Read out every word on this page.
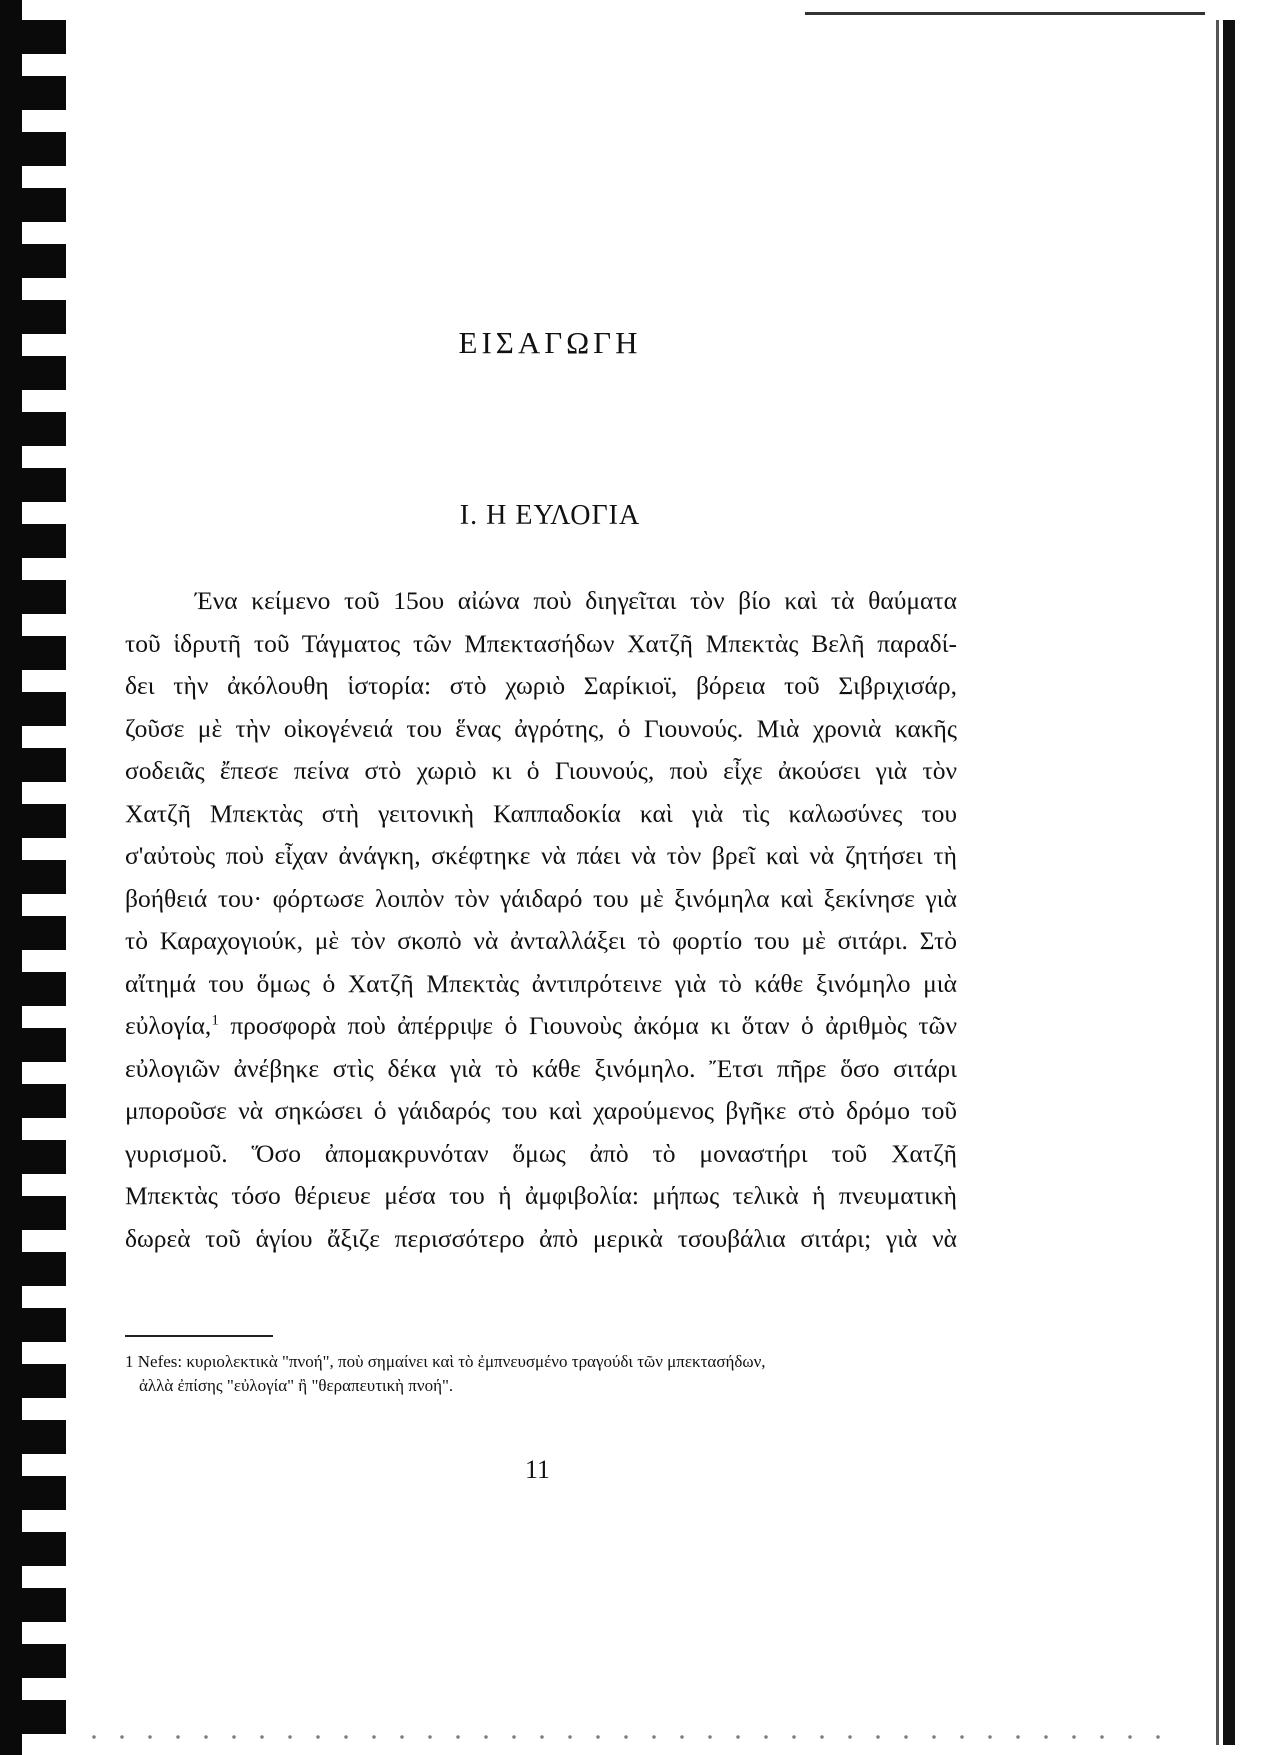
ΕΙΣΑΓΩΓΗ
Ι. Η ΕΥΛΟΓΙΑ
Ένα κείμενο τοῦ 15ου αἰώνα ποὺ διηγεῖται τὸν βίο καὶ τὰ θαύματα
τοῦ ἱδρυτῆ τοῦ Τάγματος τῶν Μπεκτασήδων Χατζῆ Μπεκτὰς Βελῆ παραδί-
δει τὴν ἀκόλουθη ἱστορία: στὸ χωριὸ Σαρίκιοϊ, βόρεια τοῦ Σιβριχισάρ,
ζοῦσε μὲ τὴν οἰκογένειά του ἕνας ἀγρότης, ὁ Γιουνούς. Μιὰ χρονιὰ κακῆς
σοδειᾶς ἔπεσε πείνα στὸ χωριὸ κι ὁ Γιουνούς, ποὺ εἶχε ἀκούσει γιὰ τὸν
Χατζῆ Μπεκτὰς στὴ γειτονικὴ Καππαδοκία καὶ γιὰ τὶς καλωσύνες του
σ'αὐτοὺς ποὺ εἶχαν ἀνάγκη, σκέφτηκε νὰ πάει νὰ τὸν βρεῖ καὶ νὰ ζητήσει τὴ
βοήθειά του· φόρτωσε λοιπὸν τὸν γάιδαρό του μὲ ξινόμηλα καὶ ξεκίνησε γιὰ
τὸ Καραχογιούκ, μὲ τὸν σκοπὸ νὰ ἀνταλλάξει τὸ φορτίο του μὲ σιτάρι. Στὸ
αἴτημά του ὅμως ὁ Χατζῆ Μπεκτὰς ἀντιπρότεινε γιὰ τὸ κάθε ξινόμηλο μιὰ
εὐλογία,$^1$ προσφορὰ ποὺ ἀπέρριψε ὁ Γιουνοὺς ἀκόμα κι ὅταν ὁ ἀριθμὸς τῶν
εὐλογιῶν ἀνέβηκε στὶς δέκα γιὰ τὸ κάθε ξινόμηλο. Ἔτσι πῆρε ὅσο σιτάρι
μποροῦσε νὰ σηκώσει ὁ γάιδαρός του καὶ χαρούμενος βγῆκε στὸ δρόμο τοῦ
γυρισμοῦ. Ὅσο ἀπομακρυνόταν ὅμως ἀπὸ τὸ μοναστήρι τοῦ Χατζῆ
Μπεκτὰς τόσο θέριευε μέσα του ἡ ἀμφιβολία: μήπως τελικὰ ἡ πνευματικὴ
δωρεὰ τοῦ ἁγίου ἄξιζε περισσότερο ἀπὸ μερικὰ τσουβάλια σιτάρι; γιὰ νὰ
1 Nefes: κυριολεκτικὰ "πνοή", ποὺ σημαίνει καὶ τὸ ἐμπνευσμένο τραγούδι τῶν μπεκτασήδων,
ἀλλὰ ἐπίσης "εὐλογία" ἢ "θεραπευτικὴ πνοή".
11
